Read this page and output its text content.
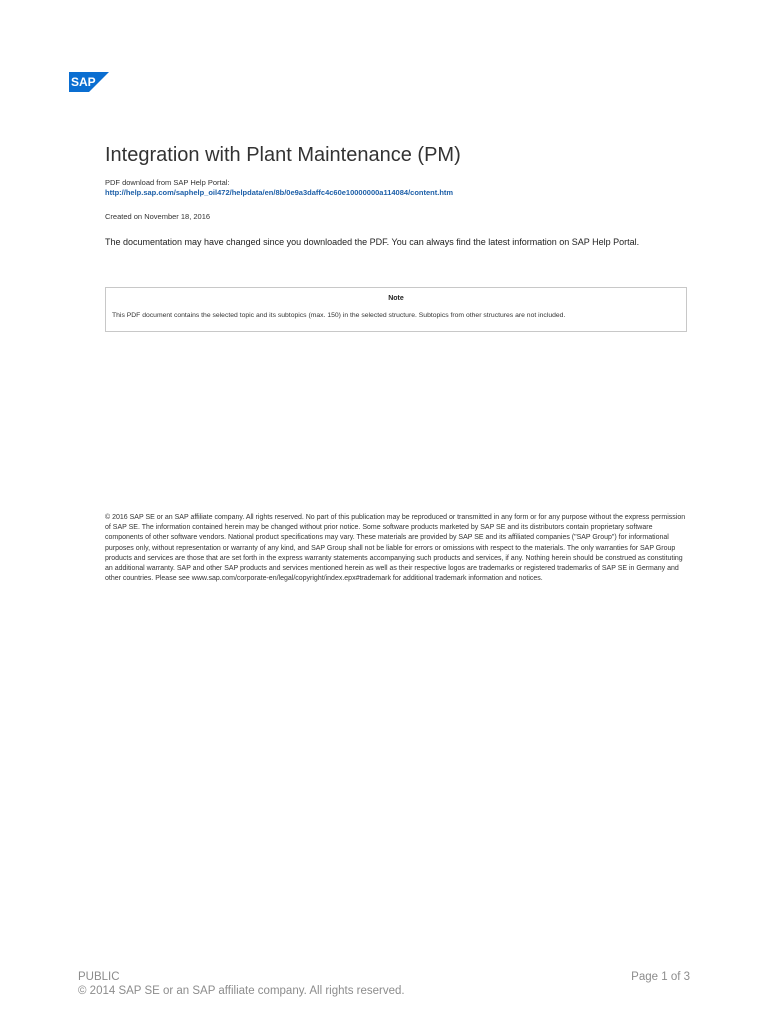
SAP
Integration with Plant Maintenance (PM)
PDF download from SAP Help Portal:
http://help.sap.com/saphelp_oil472/helpdata/en/8b/0e9a3daffc4c60e10000000a114084/content.htm
Created on November 18, 2016
The documentation may have changed since you downloaded the PDF. You can always find the latest information on SAP Help Portal.
Note
This PDF document contains the selected topic and its subtopics (max. 150) in the selected structure. Subtopics from other structures are not included.
© 2016 SAP SE or an SAP affiliate company. All rights reserved. No part of this publication may be reproduced or transmitted in any form or for any purpose without the express permission of SAP SE. The information contained herein may be changed without prior notice. Some software products marketed by SAP SE and its distributors contain proprietary software components of other software vendors. National product specifications may vary. These materials are provided by SAP SE and its affiliated companies ("SAP Group") for informational purposes only, without representation or warranty of any kind, and SAP Group shall not be liable for errors or omissions with respect to the materials. The only warranties for SAP Group products and services are those that are set forth in the express warranty statements accompanying such products and services, if any. Nothing herein should be construed as constituting an additional warranty. SAP and other SAP products and services mentioned herein as well as their respective logos are trademarks or registered trademarks of SAP SE in Germany and other countries. Please see www.sap.com/corporate-en/legal/copyright/index.epx#trademark for additional trademark information and notices.
PUBLIC
© 2014 SAP SE or an SAP affiliate company. All rights reserved.
Page 1 of 3
